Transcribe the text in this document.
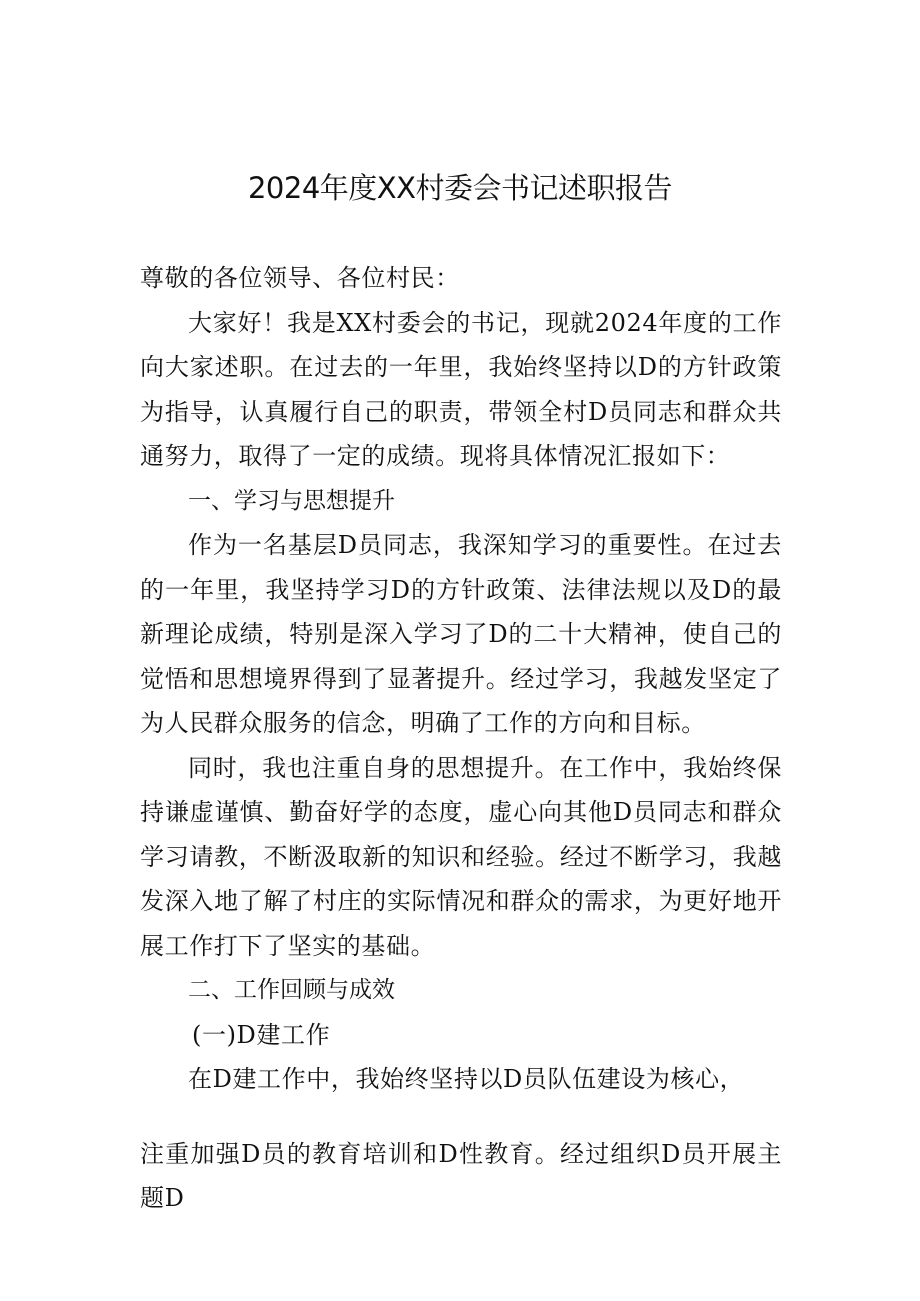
2024年度XX村委会书记述职报告

尊敬的各位领导、各位村民：

大家好！我是XX村委会的书记，现就2024年度的工作向大家述职。在过去的一年里，我始终坚持以D的方针政策为指导，认真履行自己的职责，带领全村D员同志和群众共通努力，取得了一定的成绩。现将具体情况汇报如下：

一、学习与思想提升

作为一名基层D员同志，我深知学习的重要性。在过去的一年里，我坚持学习D的方针政策、法律法规以及D的最新理论成绩，特别是深入学习了D的二十大精神，使自己的觉悟和思想境界得到了显著提升。经过学习，我越发坚定了为人民群众服务的信念，明确了工作的方向和目标。

同时，我也注重自身的思想提升。在工作中，我始终保持谦虚谨慎、勤奋好学的态度，虚心向其他D员同志和群众学习请教，不断汲取新的知识和经验。经过不断学习，我越发深入地了解了村庄的实际情况和群众的需求，为更好地开展工作打下了坚实的基础。

二、工作回顾与成效

(一)D建工作

在D建工作中，我始终坚持以D员队伍建设为核心，

注重加强D员的教育培训和D性教育。经过组织D员开展主题D
